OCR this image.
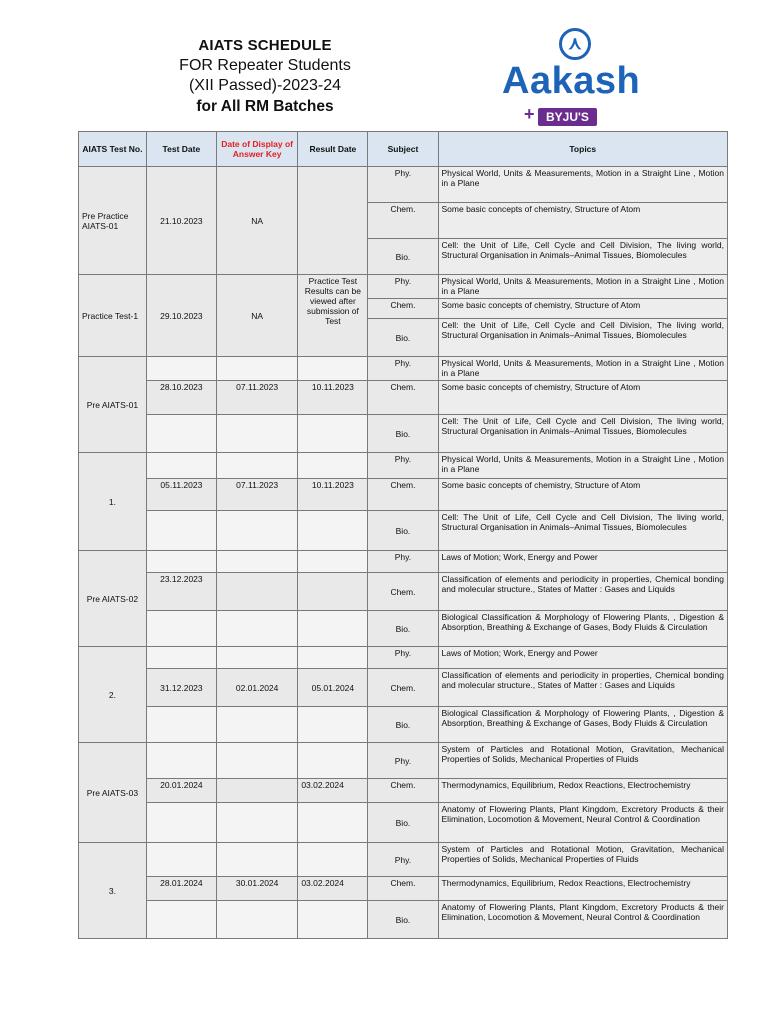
AIATS SCHEDULE
FOR Repeater Students
(XII Passed)-2023-24
for All RM Batches
⋏
Aakash
+ BYJU'S
AIATS Test No.	Test Date	Date of Display of Answer Key	Result Date	Subject	Topics
Pre Practice AIATS-01	21.10.2023	NA		Phy.	Physical World, Units & Measurements, Motion in a Straight Line , Motion in a Plane
				Chem.	Some basic concepts of chemistry, Structure of Atom
				Bio.	Cell: the Unit of Life, Cell Cycle and Cell Division, The living world, Structural Organisation in Animals–Animal Tissues, Biomolecules
Practice Test-1	29.10.2023	NA	Practice Test Results can be viewed after submission of Test	Phy.	Physical World, Units & Measurements, Motion in a Straight Line , Motion in a Plane
				Chem.	Some basic concepts of chemistry, Structure of Atom
				Bio.	Cell: the Unit of Life, Cell Cycle and Cell Division, The living world, Structural Organisation in Animals–Animal Tissues, Biomolecules
Pre AIATS-01				Phy.	Physical World, Units & Measurements, Motion in a Straight Line , Motion in a Plane
	28.10.2023	07.11.2023	10.11.2023	Chem.	Some basic concepts of chemistry, Structure of Atom
				Bio.	Cell: The Unit of Life, Cell Cycle and Cell Division, The living world, Structural Organisation in Animals–Animal Tissues, Biomolecules
1.				Phy.	Physical World, Units & Measurements, Motion in a Straight Line , Motion in a Plane
	05.11.2023	07.11.2023	10.11.2023	Chem.	Some basic concepts of chemistry, Structure of Atom
				Bio.	Cell: The Unit of Life, Cell Cycle and Cell Division, The living world, Structural Organisation in Animals–Animal Tissues, Biomolecules
Pre AIATS-02				Phy.	Laws of Motion; Work, Energy and Power
	23.12.2023			Chem.	Classification of elements and periodicity in properties, Chemical bonding and molecular structure., States of Matter : Gases and Liquids
				Bio.	Biological Classification & Morphology of Flowering Plants, , Digestion & Absorption, Breathing & Exchange of Gases, Body Fluids & Circulation
2.				Phy.	Laws of Motion; Work, Energy and Power
	31.12.2023	02.01.2024	05.01.2024	Chem.	Classification of elements and periodicity in properties, Chemical bonding and molecular structure., States of Matter : Gases and Liquids
				Bio.	Biological Classification & Morphology of Flowering Plants, , Digestion & Absorption, Breathing & Exchange of Gases, Body Fluids & Circulation
Pre AIATS-03				Phy.	System of Particles and Rotational Motion, Gravitation, Mechanical Properties of Solids, Mechanical Properties of Fluids
	20.01.2024		03.02.2024	Chem.	Thermodynamics, Equilibrium, Redox Reactions, Electrochemistry
				Bio.	Anatomy of Flowering Plants, Plant Kingdom, Excretory Products & their Elimination, Locomotion & Movement, Neural Control & Coordination
3.				Phy.	System of Particles and Rotational Motion, Gravitation, Mechanical Properties of Solids, Mechanical Properties of Fluids
	28.01.2024	30.01.2024	03.02.2024	Chem.	Thermodynamics, Equilibrium, Redox Reactions, Electrochemistry
				Bio.	Anatomy of Flowering Plants, Plant Kingdom, Excretory Products & their Elimination, Locomotion & Movement, Neural Control & Coordination
